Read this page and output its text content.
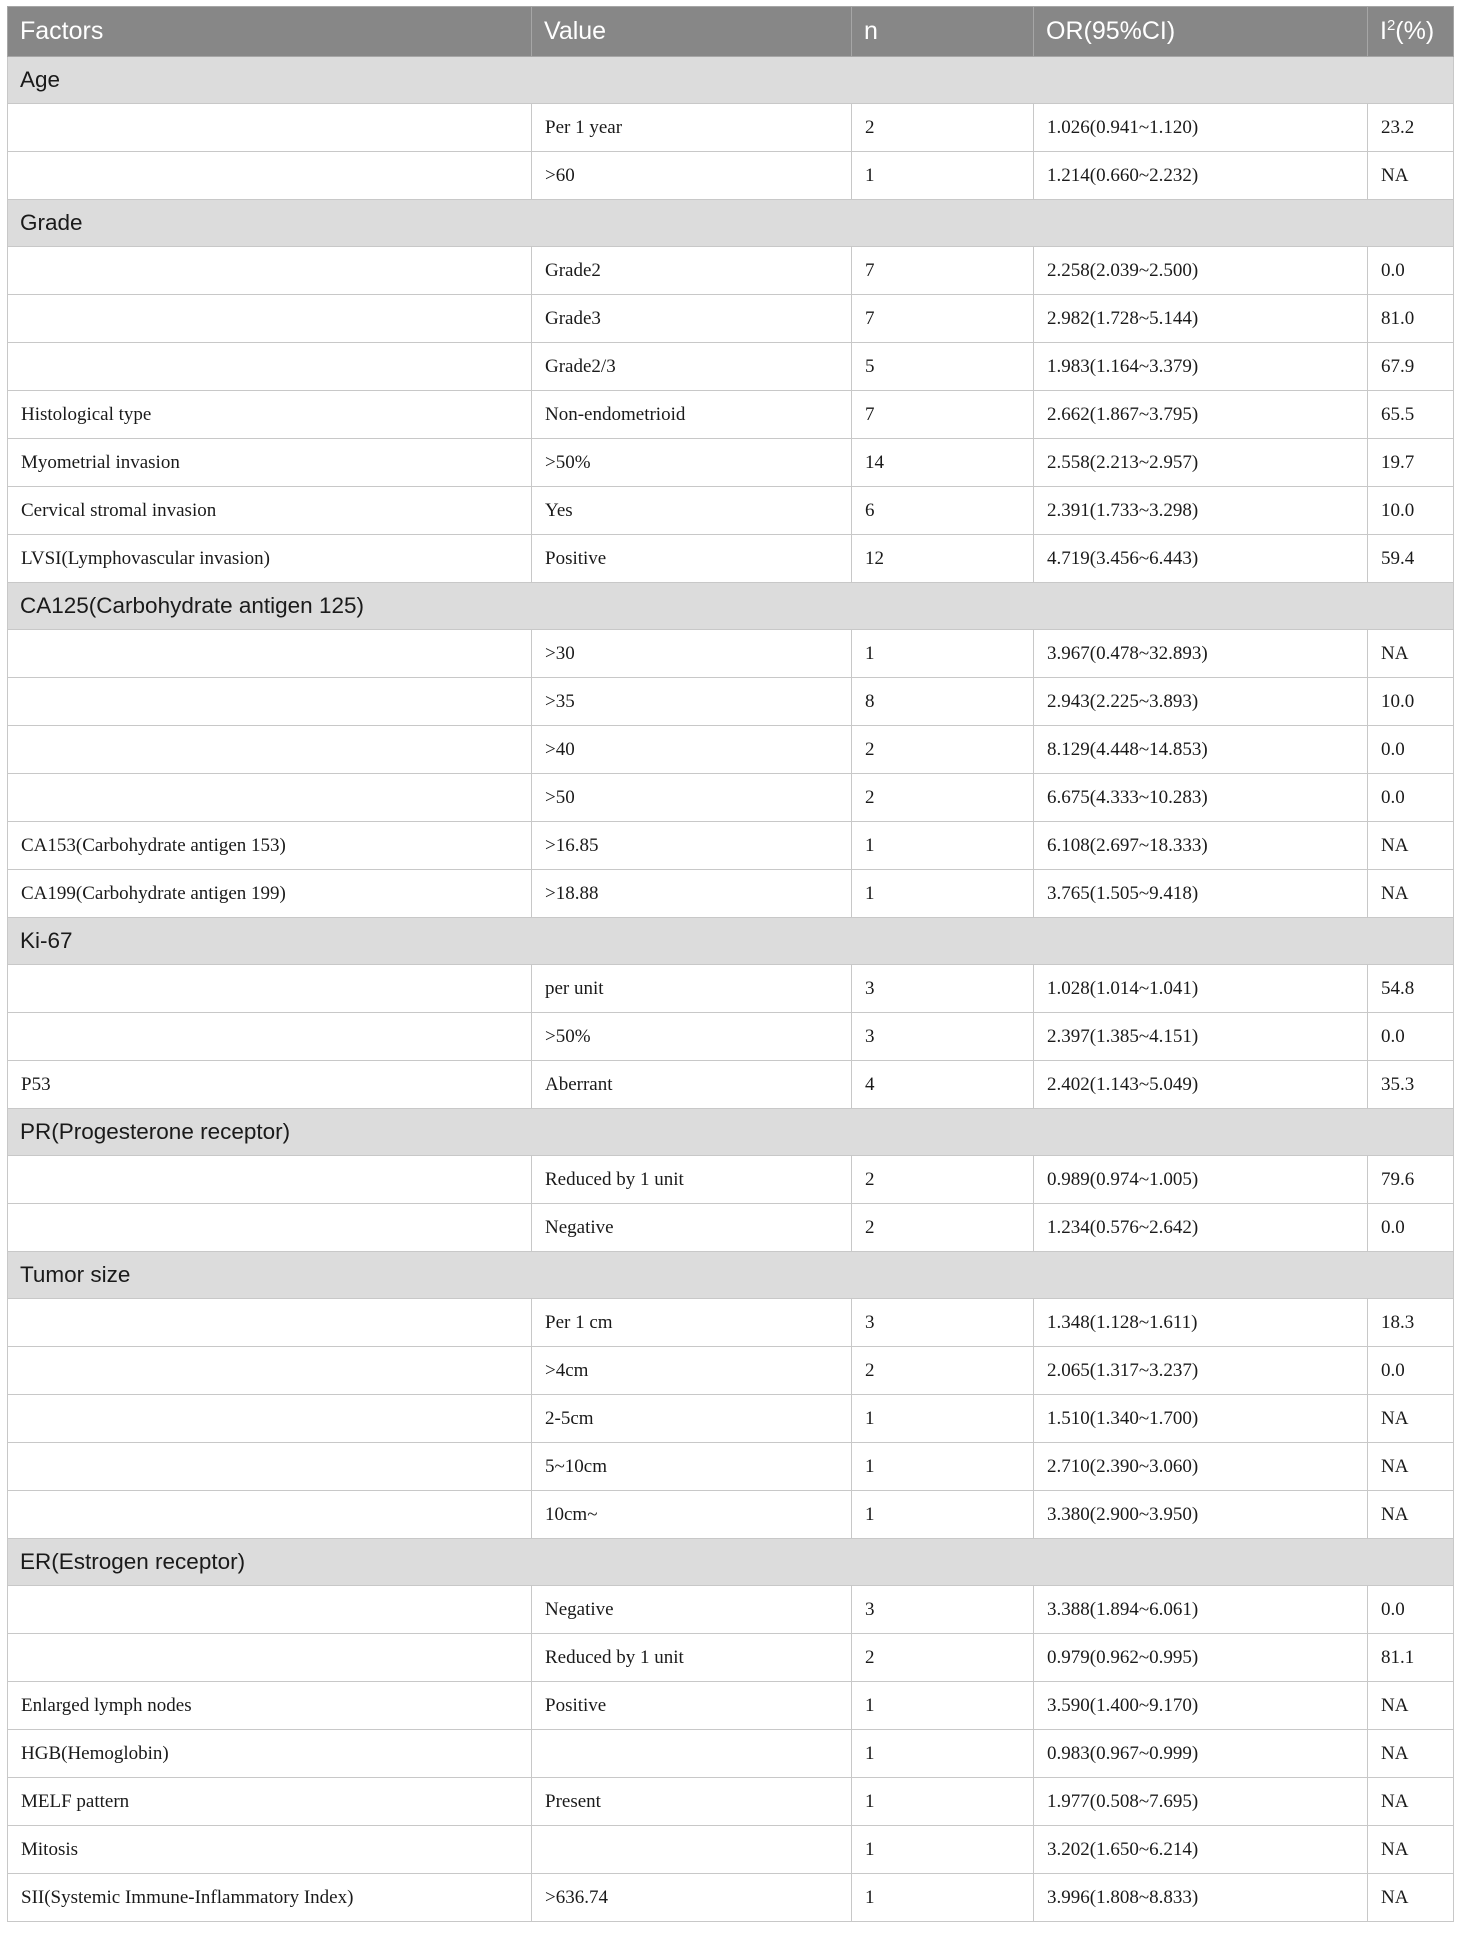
Factors	Value	n	OR(95%CI)	$I^2(\%)$
Age				
	Per 1 year	2	1.026(0.941~1.120)	23.2
	>60	1	1.214(0.660~2.232)	NA
Grade				
	Grade2	7	2.258(2.039~2.500)	0.0
	Grade3	7	2.982(1.728~5.144)	81.0
	Grade2/3	5	1.983(1.164~3.379)	67.9
Histological type	Non-endometrioid	7	2.662(1.867~3.795)	65.5
Myometrial invasion	>50%	14	2.558(2.213~2.957)	19.7
Cervical stromal invasion	Yes	6	2.391(1.733~3.298)	10.0
LVSI(Lymphovascular invasion)	Positive	12	4.719(3.456~6.443)	59.4
CA125(Carbohydrate antigen 125)				
	>30	1	3.967(0.478~32.893)	NA
	>35	8	2.943(2.225~3.893)	10.0
	>40	2	8.129(4.448~14.853)	0.0
	>50	2	6.675(4.333~10.283)	0.0
CA153(Carbohydrate antigen 153)	>16.85	1	6.108(2.697~18.333)	NA
CA199(Carbohydrate antigen 199)	>18.88	1	3.765(1.505~9.418)	NA
Ki-67				
	per unit	3	1.028(1.014~1.041)	54.8
	>50%	3	2.397(1.385~4.151)	0.0
P53	Aberrant	4	2.402(1.143~5.049)	35.3
PR(Progesterone receptor)				
	Reduced by 1 unit	2	0.989(0.974~1.005)	79.6
	Negative	2	1.234(0.576~2.642)	0.0
Tumor size				
	Per 1 cm	3	1.348(1.128~1.611)	18.3
	>4cm	2	2.065(1.317~3.237)	0.0
	2-5cm	1	1.510(1.340~1.700)	NA
	5~10cm	1	2.710(2.390~3.060)	NA
	10cm~	1	3.380(2.900~3.950)	NA
ER(Estrogen receptor)				
	Negative	3	3.388(1.894~6.061)	0.0
	Reduced by 1 unit	2	0.979(0.962~0.995)	81.1
Enlarged lymph nodes	Positive	1	3.590(1.400~9.170)	NA
HGB(Hemoglobin)		1	0.983(0.967~0.999)	NA
MELF pattern	Present	1	1.977(0.508~7.695)	NA
Mitosis		1	3.202(1.650~6.214)	NA
SII(Systemic Immune-Inflammatory Index)	>636.74	1	3.996(1.808~8.833)	NA
